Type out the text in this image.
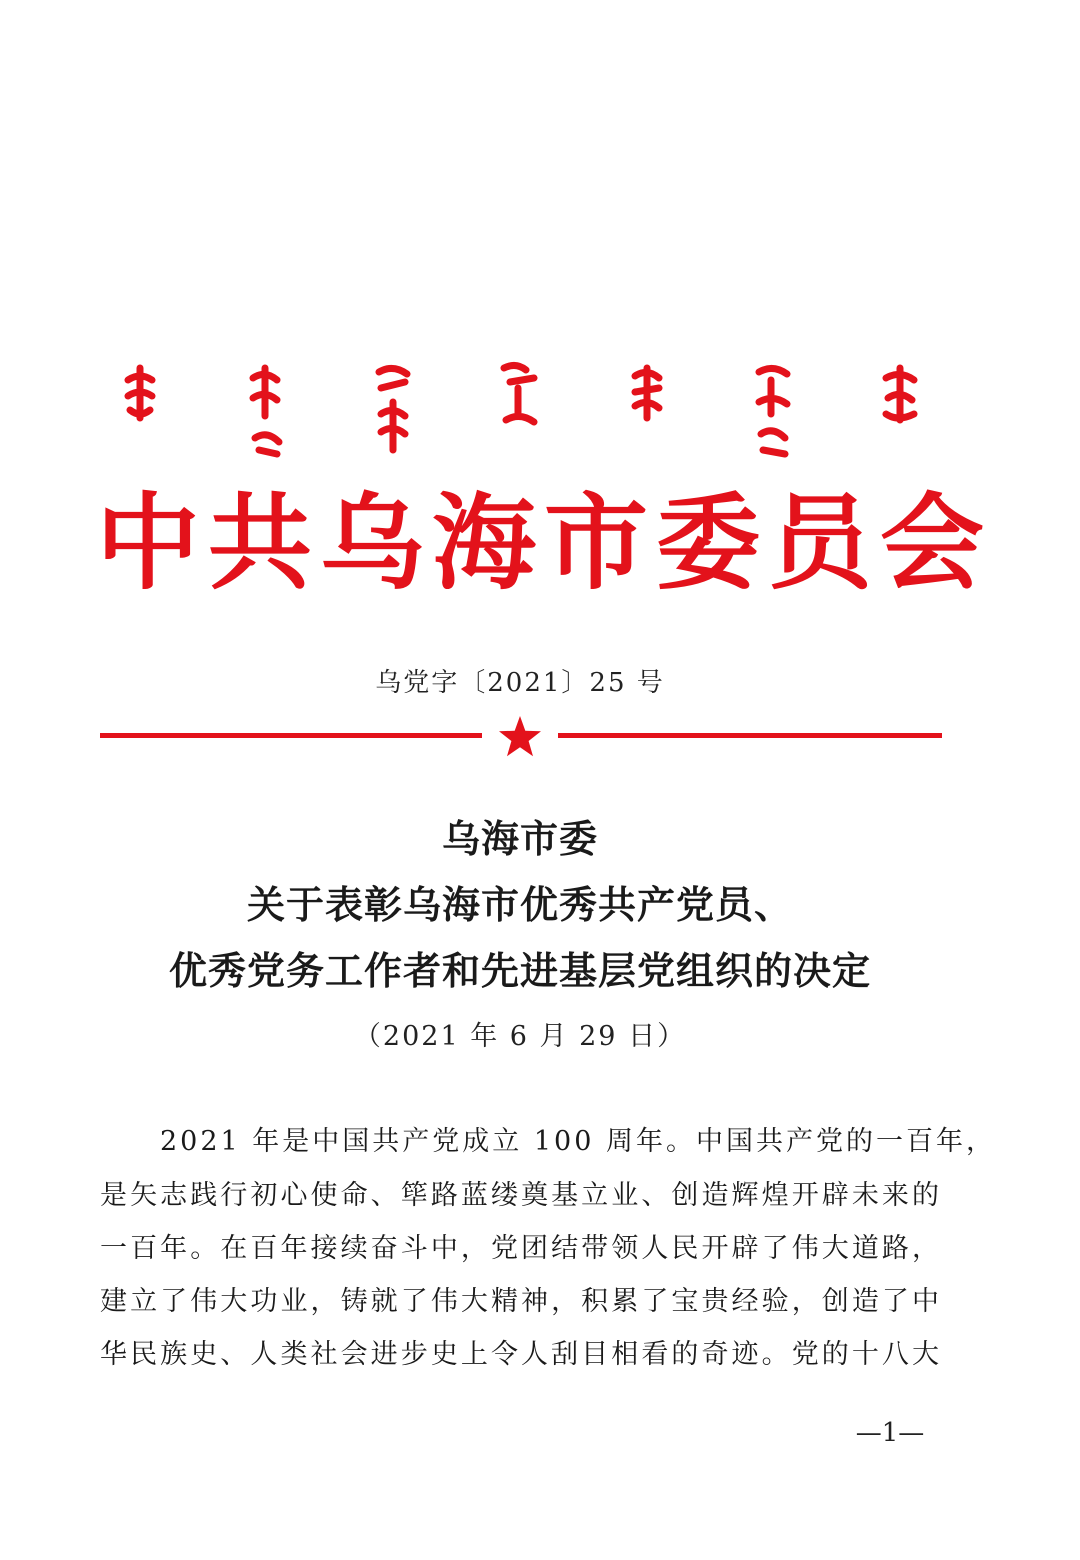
中 共 乌 海 市 委 员 会
乌党字〔2021〕25 号
乌海市委
关于表彰乌海市优秀共产党员、
优秀党务工作者和先进基层党组织的决定
（2021 年 6 月 29 日）
2021 年是中国共产党成立 100 周年。中国共产党的一百年，
是矢志践行初心使命、筚路蓝缕奠基立业、创造辉煌开辟未来的
一百年。在百年接续奋斗中，党团结带领人民开辟了伟大道路，
建立了伟大功业，铸就了伟大精神，积累了宝贵经验，创造了中
华民族史、人类社会进步史上令人刮目相看的奇迹。党的十八大
—1—
